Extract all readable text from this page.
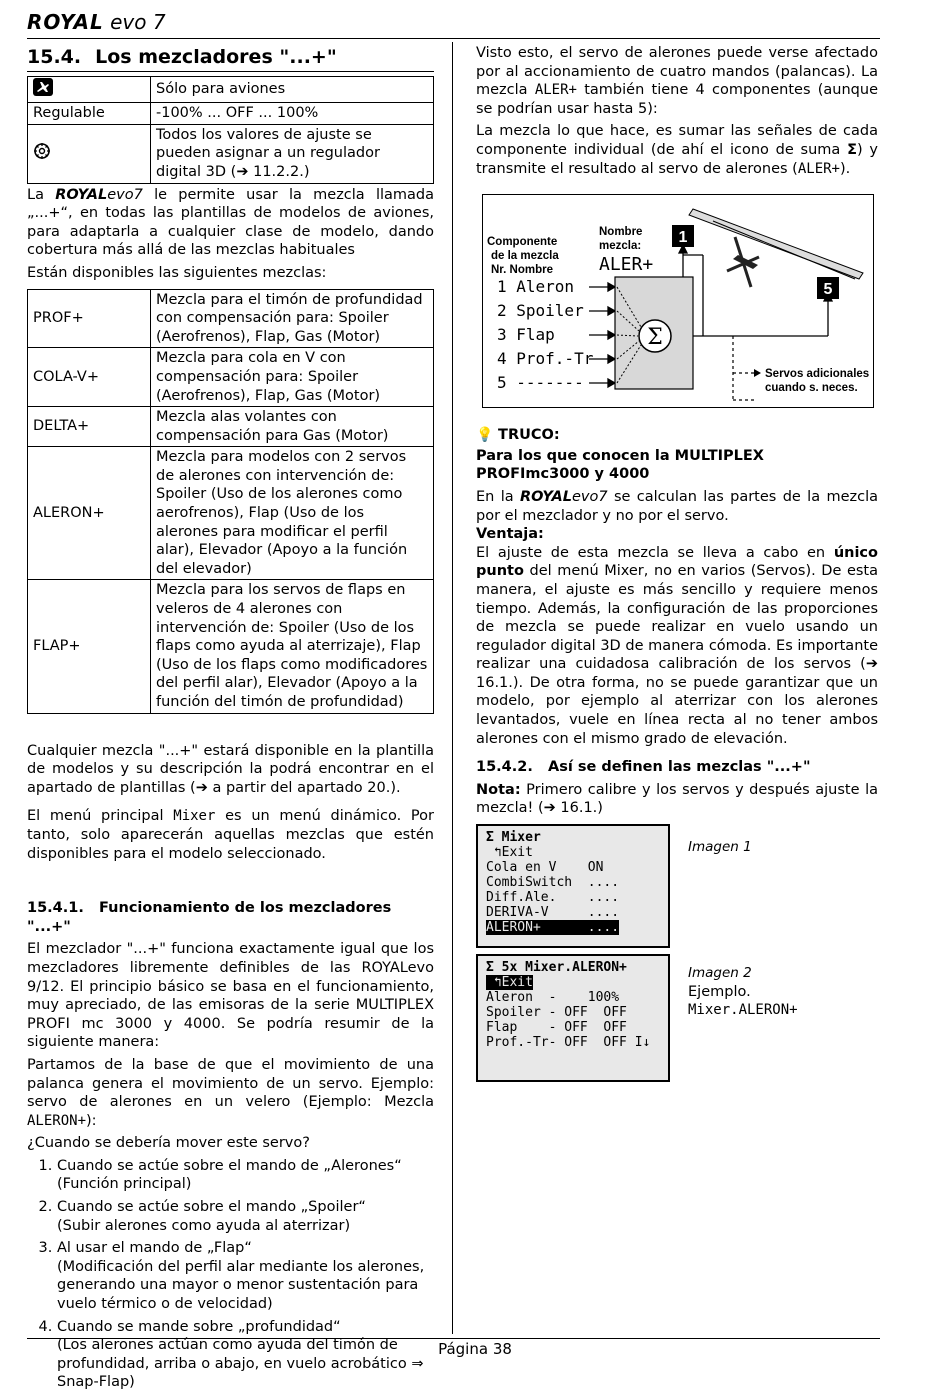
ROYAL evo 7
15.4. Los mezcladores "...+"
	Sólo para aviones
Regulable	-100% ... OFF ... 100%
	Todos los valores de ajuste se pueden asignar a un regulador digital 3D (➔ 11.2.2.)

La ROYALevo7 le permite usar la mezcla llamada „...+“, en todas las plantillas de modelos de aviones, para adaptarla a cualquier clase de modelo, dando cobertura más allá de las mezclas habituales

Están disponibles las siguientes mezclas:

PROF+	Mezcla para el timón de profundidad con compensación para: Spoiler (Aerofrenos), Flap, Gas (Motor)
COLA-V+	Mezcla para cola en V con compensación para: Spoiler (Aerofrenos), Flap, Gas (Motor)
DELTA+	Mezcla alas volantes con compensación para Gas (Motor)
ALERON+	Mezcla para modelos con 2 servos de alerones con intervención de: Spoiler (Uso de los alerones como aerofrenos), Flap (Uso de los alerones para modificar el perfil alar), Elevador (Apoyo a la función del elevador)
FLAP+	Mezcla para los servos de flaps en veleros de 4 alerones con intervención de: Spoiler (Uso de los flaps como ayuda al aterrizaje), Flap (Uso de los flaps como modificadores del perfil alar), Elevador (Apoyo a la función del timón de profundidad)

Cualquier mezcla "...+" estará disponible en la plantilla de modelos y su descripción la podrá encontrar en el apartado de plantillas (➔ a partir del apartado 20.).

El menú principal Mixer es un menú dinámico. Por tanto, solo aparecerán aquellas mezclas que estén disponibles para el modelo seleccionado.

15.4.1. Funcionamiento de los mezcladores "...+"

El mezclador "...+" funciona exactamente igual que los mezcladores libremente definibles de las ROYALevo 9/12. El principio básico se basa en el funcionamiento, muy apreciado, de las emisoras de la serie MULTIPLEX PROFI mc 3000 y 4000. Se podría resumir de la siguiente manera:

Partamos de la base de que el movimiento de una palanca genera el movimiento de un servo. Ejemplo: servo de alerones en un velero (Ejemplo: Mezcla ALERON+):

¿Cuando se debería mover este servo?

1. Cuando se actúe sobre el mando de „Alerones“
(Función principal)
2. Cuando se actúe sobre el mando „Spoiler“
(Subir alerones como ayuda al aterrizar)
3. Al usar el mando de „Flap“
(Modificación del perfil alar mediante los alerones, generando una mayor o menor sustentación para vuelo térmico o de velocidad)
4. Cuando se mande sobre „profundidad“
(Los alerones actúan como ayuda del timón de profundidad, arriba o abajo, en vuelo acrobático ⇒ Snap-Flap)

Visto esto, el servo de alerones puede verse afectado por al accionamiento de cuatro mandos (palancas). La mezcla ALER+ también tiene 4 componentes (aunque se podrían usar hasta 5):

La mezcla lo que hace, es sumar las señales de cada componente individual (de ahí el icono de suma Σ) y transmite el resultado al servo de alerones (ALER+).

Componente
de la mezcla
Nr. Nombre
Nombre
mezcla:
ALER+
1 Aleron
2 Spoiler
3 Flap
4 Prof.-Tr
5 -------
Σ
1
5
Servos adicionales
cuando s. neces.

💡 TRUCO:

Para los que conocen la MULTIPLEX PROFImc3000 y 4000

En la ROYALevo7 se calculan las partes de la mezcla por el mezclador y no por el servo.

Ventaja:

El ajuste de esta mezcla se lleva a cabo en único punto del menú Mixer, no en varios (Servos). De esta manera, el ajuste es más sencillo y requiere menos tiempo. Además, la configuración de las proporciones de mezcla se puede realizar en vuelo usando un regulador digital 3D de manera cómoda. Es importante realizar una cuidadosa calibración de los servos (➔ 16.1.). De otra forma, no se puede garantizar que un modelo, por ejemplo al aterrizar con los alerones levantados, vuele en línea recta al no tener ambos alerones con el mismo grado de elevación.

15.4.2. Así se definen las mezclas "...+"

Nota: Primero calibre y los servos y después ajuste la mezcla! (➔ 16.1.)

Σ Mixer
↰Exit
Cola en V    ON
CombiSwitch  ....
Diff.Ale.    ....
DERIVA-V     ....
ALERON+      ....
Imagen 1
Σ 5x Mixer.ALERON+
↰Exit
Aleron  -    100%
Spoiler - OFF  OFF
Flap    - OFF  OFF
Prof.-Tr- OFF  OFF I↓
Imagen 2
Ejemplo.
Mixer.ALERON+
Página 38
